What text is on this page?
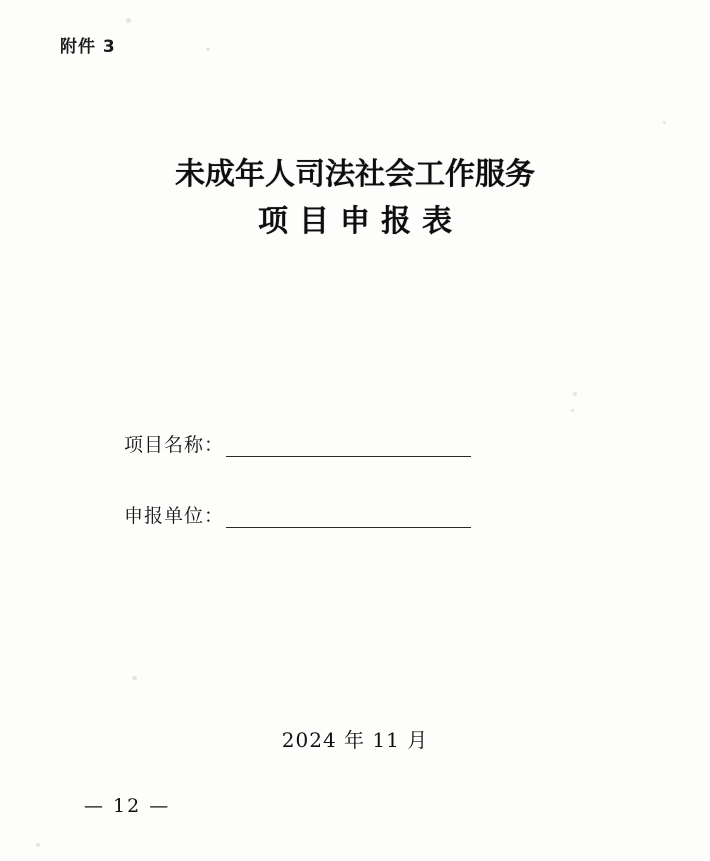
附件 3
未成年人司法社会工作服务
项目申报表
项目名称：
申报单位：
2024 年 11 月
— 12 —
